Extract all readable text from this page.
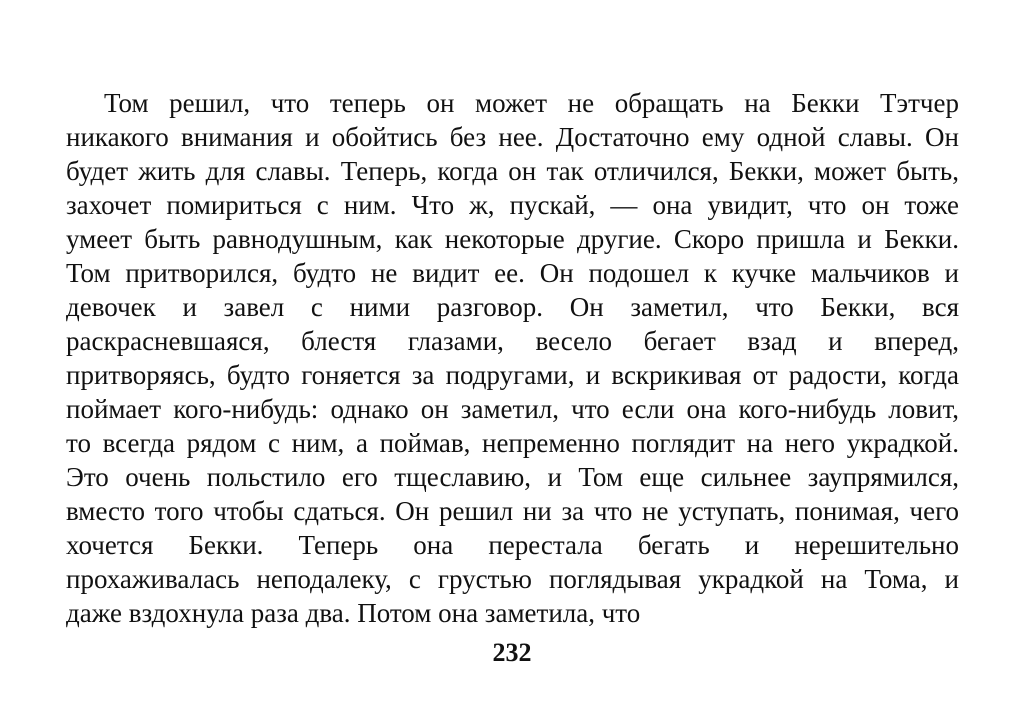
Том решил, что теперь он может не обращать на Бекки Тэтчер
никакого внимания и обойтись без нее. Достаточно ему одной славы. Он
будет жить для славы. Теперь, когда он так отличился, Бекки, может быть,
захочет помириться с ним. Что ж, пускай, — она увидит, что он тоже
умеет быть равнодушным, как некоторые другие. Скоро пришла и Бекки.
Том притворился, будто не видит ее. Он подошел к кучке мальчиков и
девочек и завел с ними разговор. Он заметил, что Бекки, вся
раскрасневшаяся, блестя глазами, весело бегает взад и вперед,
притворяясь, будто гоняется за подругами, и вскрикивая от радости, когда
поймает кого-нибудь: однако он заметил, что если она кого-нибудь ловит,
то всегда рядом с ним, а поймав, непременно поглядит на него украдкой.
Это очень польстило его тщеславию, и Том еще сильнее заупрямился,
вместо того чтобы сдаться. Он решил ни за что не уступать, понимая, чего
хочется Бекки. Теперь она перестала бегать и нерешительно
прохаживалась неподалеку, с грустью поглядывая украдкой на Тома, и
даже вздохнула раза два. Потом она заметила, что
232
